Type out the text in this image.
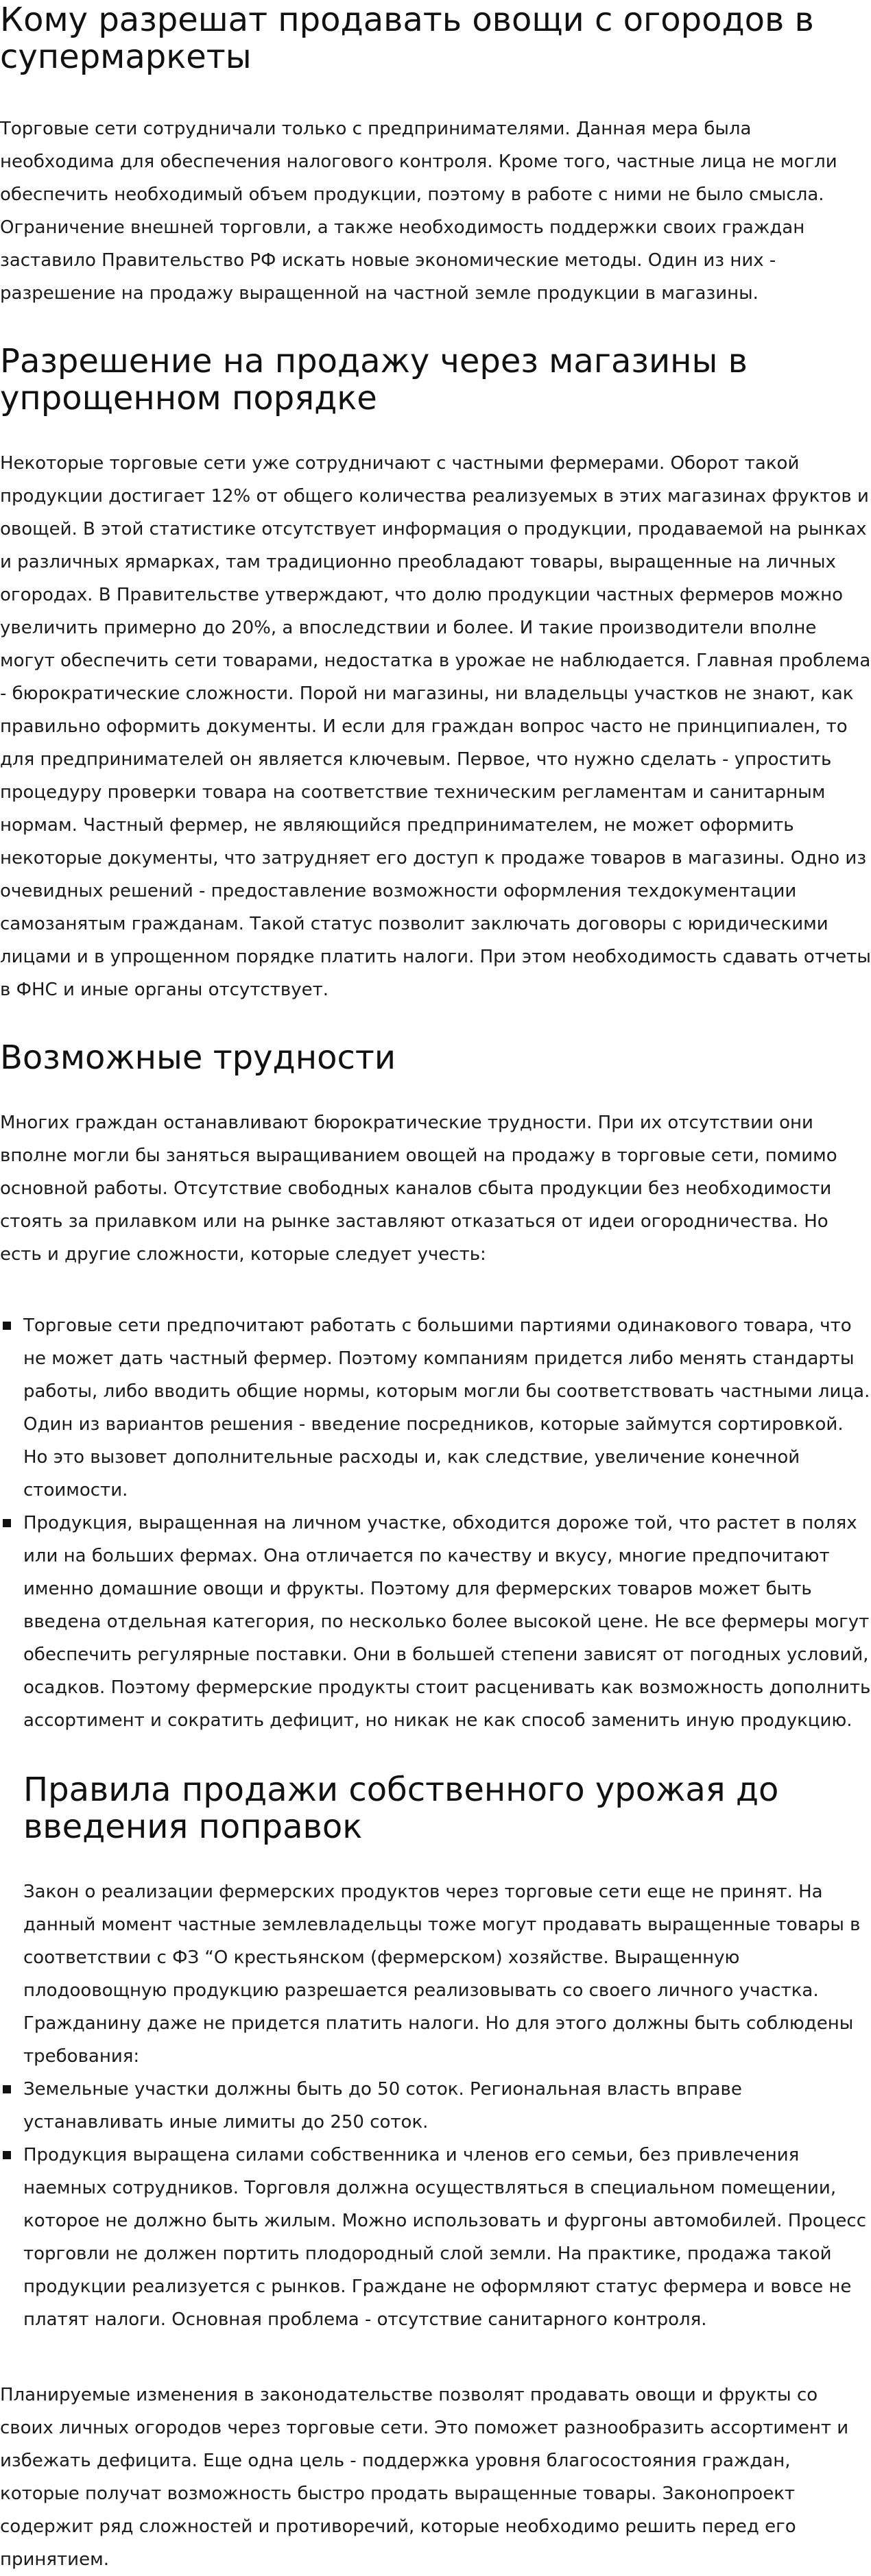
Кому разрешат продавать овощи с огородов в супермаркеты

Торговые сети сотрудничали только с предпринимателями. Данная мера была необходима для обеспечения налогового контроля. Кроме того, частные лица не могли обеспечить необходимый объем продукции, поэтому в работе с ними не было смысла. Ограничение внешней торговли, а также необходимость поддержки своих граждан заставило Правительство РФ искать новые экономические методы. Один из них - разрешение на продажу выращенной на частной земле продукции в магазины.

Разрешение на продажу через магазины в упрощенном порядке

Некоторые торговые сети уже сотрудничают с частными фермерами. Оборот такой продукции достигает 12% от общего количества реализуемых в этих магазинах фруктов и овощей. В этой статистике отсутствует информация о продукции, продаваемой на рынках и различных ярмарках, там традиционно преобладают товары, выращенные на личных огородах. В Правительстве утверждают, что долю продукции частных фермеров можно увеличить примерно до 20%, а впоследствии и более. И такие производители вполне могут обеспечить сети товарами, недостатка в урожае не наблюдается. Главная проблема - бюрократические сложности. Порой ни магазины, ни владельцы участков не знают, как правильно оформить документы. И если для граждан вопрос часто не принципиален, то для предпринимателей он является ключевым. Первое, что нужно сделать - упростить процедуру проверки товара на соответствие техническим регламентам и санитарным нормам. Частный фермер, не являющийся предпринимателем, не может оформить некоторые документы, что затрудняет его доступ к продаже товаров в магазины. Одно из очевидных решений - предоставление возможности оформления техдокументации самозанятым гражданам. Такой статус позволит заключать договоры с юридическими лицами и в упрощенном порядке платить налоги. При этом необходимость сдавать отчеты в ФНС и иные органы отсутствует.

Возможные трудности

Многих граждан останавливают бюрократические трудности. При их отсутствии они вполне могли бы заняться выращиванием овощей на продажу в торговые сети, помимо основной работы. Отсутствие свободных каналов сбыта продукции без необходимости стоять за прилавком или на рынке заставляют отказаться от идеи огородничества. Но есть и другие сложности, которые следует учесть:

Торговые сети предпочитают работать с большими партиями одинакового товара, что не может дать частный фермер. Поэтому компаниям придется либо менять стандарты работы, либо вводить общие нормы, которым могли бы соответствовать частными лица. Один из вариантов решения - введение посредников, которые займутся сортировкой. Но это вызовет дополнительные расходы и, как следствие, увеличение конечной стоимости.
Продукция, выращенная на личном участке, обходится дороже той, что растет в полях или на больших фермах. Она отличается по качеству и вкусу, многие предпочитают именно домашние овощи и фрукты. Поэтому для фермерских товаров может быть введена отдельная категория, по несколько более высокой цене. Не все фермеры могут обеспечить регулярные поставки. Они в большей степени зависят от погодных условий, осадков. Поэтому фермерские продукты стоит расценивать как возможность дополнить ассортимент и сократить дефицит, но никак не как способ заменить иную продукцию.
Правила продажи собственного урожая до введения поправок

Закон о реализации фермерских продуктов через торговые сети еще не принят. На данный момент частные землевладельцы тоже могут продавать выращенные товары в соответствии с ФЗ “О крестьянском (фермерском) хозяйстве. Выращенную плодоовощную продукцию разрешается реализовывать со своего личного участка. Гражданину даже не придется платить налоги. Но для этого должны быть соблюдены требования:

Земельные участки должны быть до 50 соток. Региональная власть вправе устанавливать иные лимиты до 250 соток.
Продукция выращена силами собственника и членов его семьи, без привлечения наемных сотрудников. Торговля должна осуществляться в специальном помещении, которое не должно быть жилым. Можно использовать и фургоны автомобилей. Процесс торговли не должен портить плодородный слой земли. На практике, продажа такой продукции реализуется с рынков. Граждане не оформляют статус фермера и вовсе не платят налоги. Основная проблема - отсутствие санитарного контроля.

Планируемые изменения в законодательстве позволят продавать овощи и фрукты со своих личных огородов через торговые сети. Это поможет разнообразить ассортимент и избежать дефицита. Еще одна цель - поддержка уровня благосостояния граждан, которые получат возможность быстро продать выращенные товары. Законопроект содержит ряд сложностей и противоречий, которые необходимо решить перед его принятием.
